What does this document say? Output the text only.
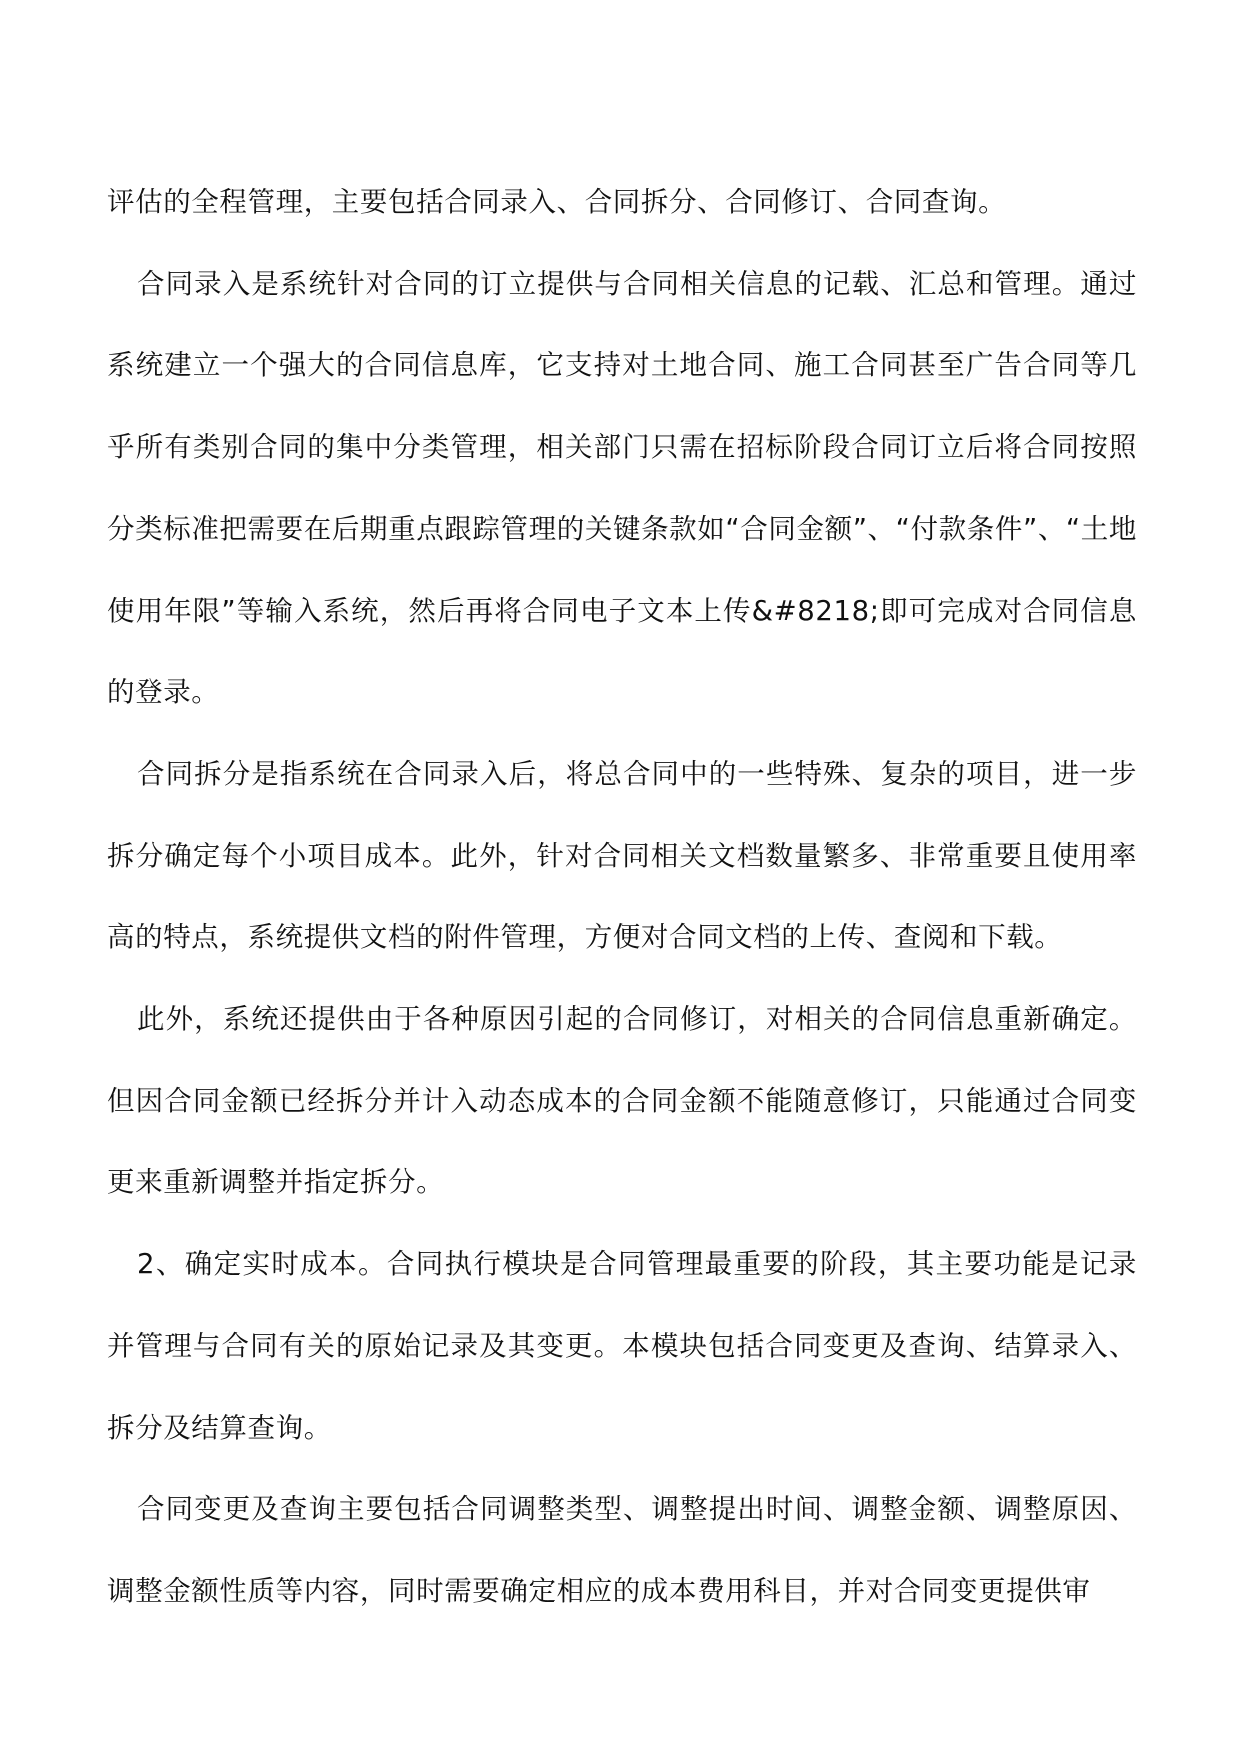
评估的全程管理，主要包括合同录入、合同拆分、合同修订、合同查询。

合同录入是系统针对合同的订立提供与合同相关信息的记载、汇总和管理。通过系统建立一个强大的合同信息库，它支持对土地合同、施工合同甚至广告合同等几乎所有类别合同的集中分类管理，相关部门只需在招标阶段合同订立后将合同按照分类标准把需要在后期重点跟踪管理的关键条款如“合同金额”、“付款条件”、“土地使用年限”等输入系统，然后再将合同电子文本上传&#8218;即可完成对合同信息的登录。

合同拆分是指系统在合同录入后，将总合同中的一些特殊、复杂的项目，进一步拆分确定每个小项目成本。此外，针对合同相关文档数量繁多、非常重要且使用率高的特点，系统提供文档的附件管理，方便对合同文档的上传、查阅和下载。

此外，系统还提供由于各种原因引起的合同修订，对相关的合同信息重新确定。但因合同金额已经拆分并计入动态成本的合同金额不能随意修订，只能通过合同变更来重新调整并指定拆分。

2、确定实时成本。合同执行模块是合同管理最重要的阶段，其主要功能是记录并管理与合同有关的原始记录及其变更。本模块包括合同变更及查询、结算录入、拆分及结算查询。

合同变更及查询主要包括合同调整类型、调整提出时间、调整金额、调整原因、调整金额性质等内容，同时需要确定相应的成本费用科目，并对合同变更提供审
